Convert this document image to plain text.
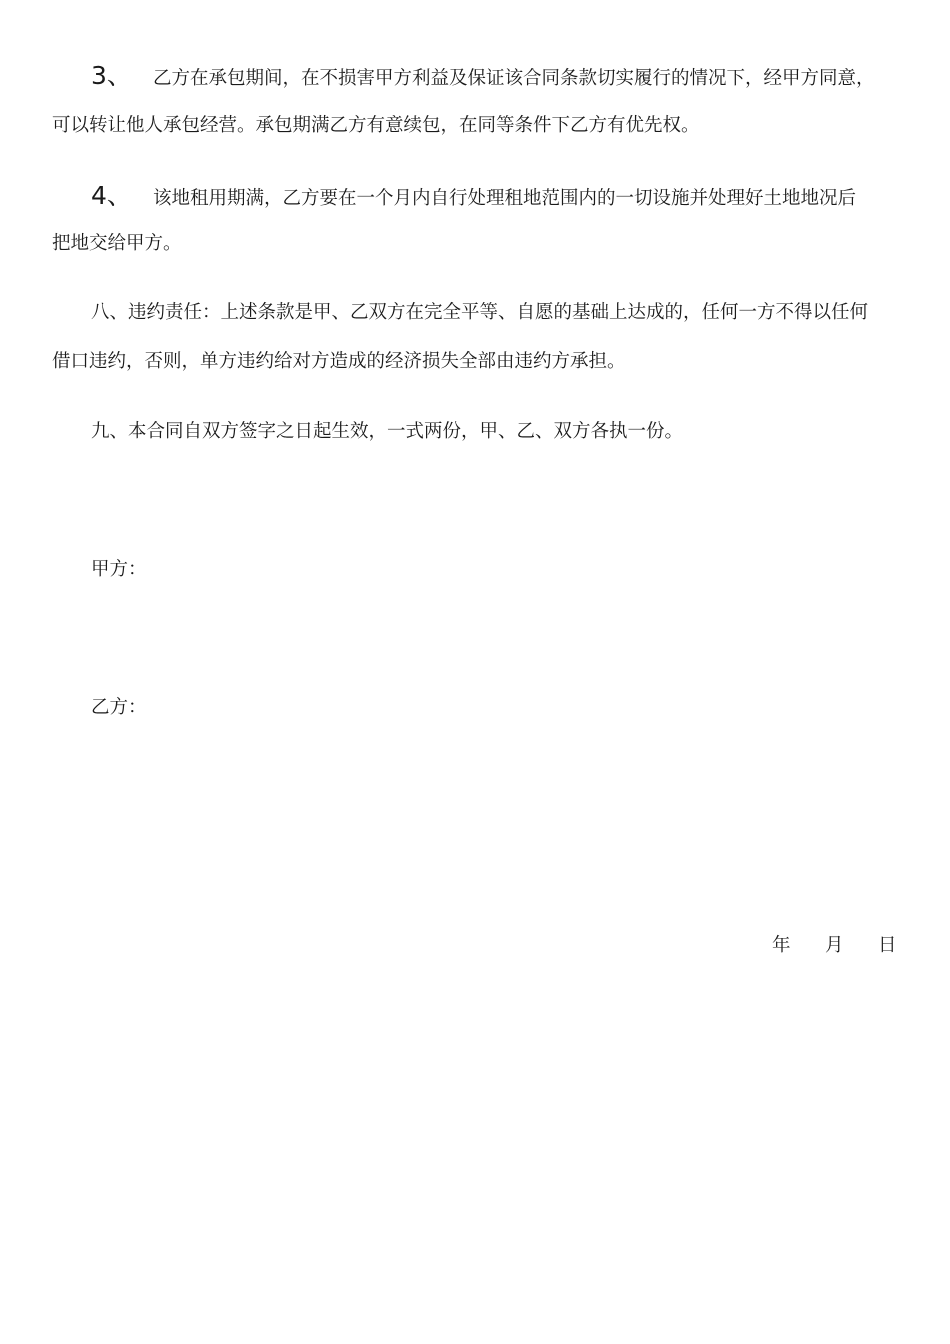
3、 乙方在承包期间，在不损害甲方利益及保证该合同条款切实履行的情况下，经甲方同意，
可以转让他人承包经营。承包期满乙方有意续包，在同等条件下乙方有优先权。
4、 该地租用期满，乙方要在一个月内自行处理租地范围内的一切设施并处理好土地地况后
把地交给甲方。
八、违约责任：上述条款是甲、乙双方在完全平等、自愿的基础上达成的，任何一方不得以任何
借口违约，否则，单方违约给对方造成的经济损失全部由违约方承担。
九、本合同自双方签字之日起生效，一式两份，甲、乙、双方各执一份。
甲方：
乙方：
年 月 日
